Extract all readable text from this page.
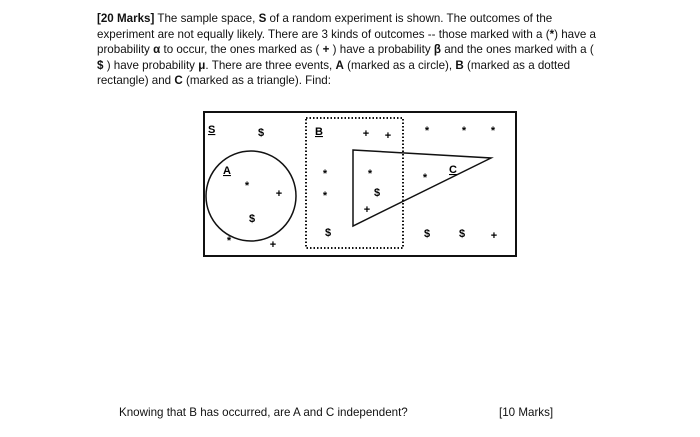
[20 Marks] The sample space, S of a random experiment is shown. The outcomes of the experiment are not equally likely. There are 3 kinds of outcomes -- those marked with a (*) have a probability α to occur, the ones marked as ( + ) have a probability β and the ones marked with a ( $ ) have probability μ. There are three events, A (marked as a circle), B (marked as a dotted rectangle) and C (marked as a triangle). Find:
S
A
B
C
$	+ +	*	* *
*
+
$
*	+
*
*
*
$
+
$	$	$ +
*
Knowing that B has occurred, are A and C independent?	[10 Marks]
